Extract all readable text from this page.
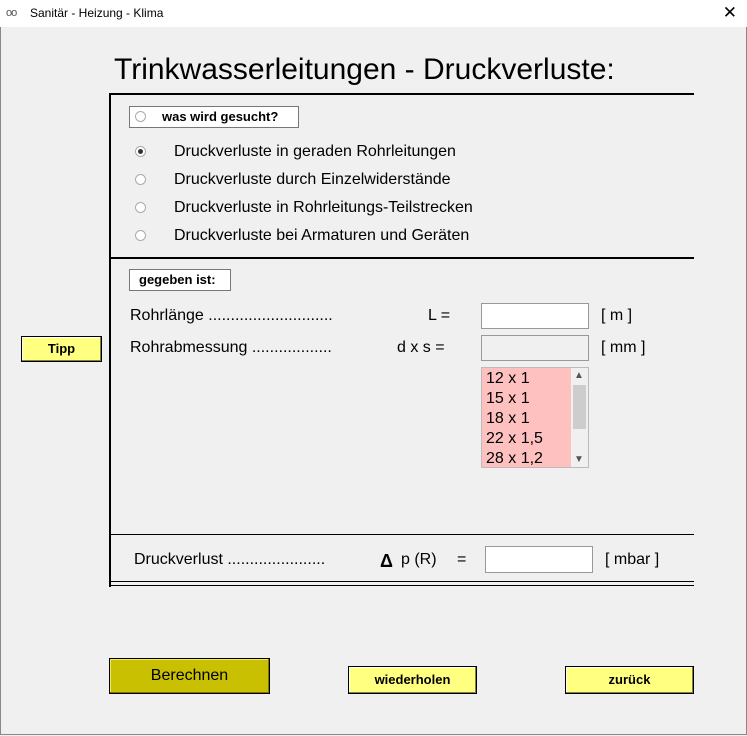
oo Sanitär - Heizung - Klima	✕
Trinkwasserleitungen - Druckverluste:
was wird gesucht?
Druckverluste in geraden Rohrleitungen
Druckverluste durch Einzelwiderstände
Druckverluste in Rohrleitungs-Teilstrecken
Druckverluste bei Armaturen und Geräten
gegeben ist:
Rohrlänge ............................	L =	[ m ]
Rohrabmessung ..................	d x s =	[ mm ]
12 x 1
15 x 1
18 x 1
22 x 1,5
28 x 1,2
▲
▼
Druckverlust ......................	Δ p (R) =	[ mbar ]
Tipp
Berechnen	wiederholen	zurück
